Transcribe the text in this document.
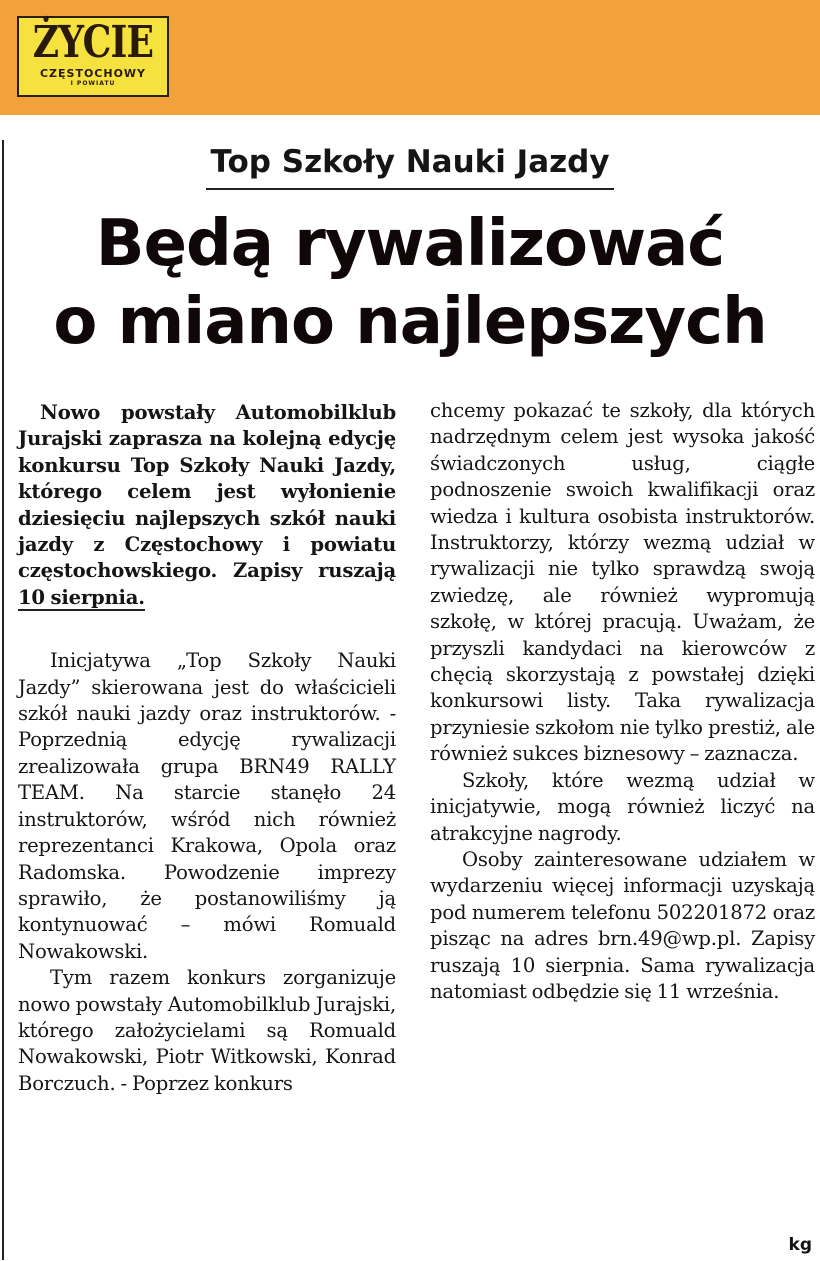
ŻYCIE
CZĘSTOCHOWY
I POWIATU
Top Szkoły Nauki Jazdy
Będą rywalizować
o miano najlepszych

Nowo powstały Automobilklub Jurajski zaprasza na kolejną edycję konkursu Top Szkoły Nauki Jazdy, którego celem jest wyłonienie dziesięciu najlepszych szkół nauki jazdy z Częstochowy i powiatu częstochowskiego. Zapisy ruszają 10 sierpnia.

Inicjatywa „Top Szkoły Nauki Jazdy” skierowana jest do właścicieli szkół nauki jazdy oraz instruktorów. - Poprzednią edycję rywalizacji zrealizowała grupa BRN49 RALLY TEAM. Na starcie stanęło 24 instruktorów, wśród nich również reprezentanci Krakowa, Opola oraz Radomska. Powodzenie imprezy sprawiło, że postanowiliśmy ją kontynuować – mówi Romuald Nowakowski.

Tym razem konkurs zorganizuje nowo powstały Automobilklub Jurajski, którego założycielami są Romuald Nowakowski, Piotr Witkowski, Konrad Borczuch. - Poprzez konkurs

chcemy pokazać te szkoły, dla których nadrzędnym celem jest wysoka jakość świadczonych usług, ciągłe podnoszenie swoich kwalifikacji oraz wiedza i kultura osobista instruktorów. Instruktorzy, którzy wezmą udział w rywalizacji nie tylko sprawdzą swoją zwiedzę, ale również wypromują szkołę, w której pracują. Uważam, że przyszli kandydaci na kierowców z chęcią skorzystają z powstałej dzięki konkursowi listy. Taka rywalizacja przyniesie szkołom nie tylko prestiż, ale również sukces biznesowy – zaznacza.

Szkoły, które wezmą udział w inicjatywie, mogą również liczyć na atrakcyjne nagrody.

Osoby zainteresowane udziałem w wydarzeniu więcej informacji uzyskają pod numerem telefonu 502201872 oraz pisząc na adres brn.49@wp.pl. Zapisy ruszają 10 sierpnia. Sama rywalizacja natomiast odbędzie się 11 września.

kg
